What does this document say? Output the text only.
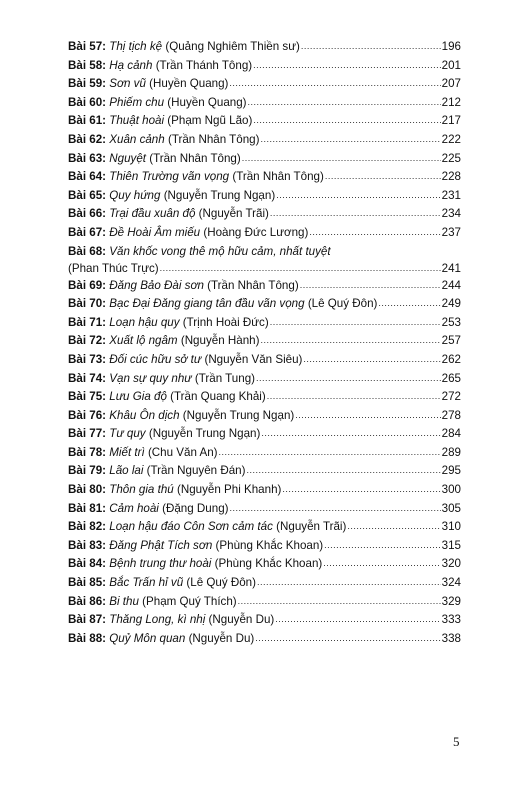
Bài 57: Thị tịch kệ (Quảng Nghiêm Thiền sư) .....	196
Bài 58: Hạ cảnh (Trần Thánh Tông) .....	201
Bài 59: Sơn vũ (Huyền Quang) .....	207
Bài 60: Phiếm chu (Huyền Quang) .....	212
Bài 61: Thuật hoài (Phạm Ngũ Lão) .....	217
Bài 62: Xuân cảnh (Trần Nhân Tông) .....	222
Bài 63: Nguyệt (Trần Nhân Tông) .....	225
Bài 64: Thiên Trường vãn vọng (Trần Nhân Tông) .....	228
Bài 65: Quy hứng (Nguyễn Trung Ngạn) .....	231
Bài 66: Trại đầu xuân độ (Nguyễn Trãi) .....	234
Bài 67: Đề Hoài Âm miếu (Hoàng Đức Lương) .....	237
Bài 68: Văn khốc vong thê mộ hữu cảm, nhất tuyệt
(Phan Thúc Trực) .....	241
Bài 69: Đăng Bảo Đài sơn (Trần Nhân Tông) .....	244
Bài 70: Bạc Đại Đăng giang tân đầu vãn vọng (Lê Quý Đôn) .....	249
Bài 71: Loạn hậu quy (Trịnh Hoài Đức) .....	253
Bài 72: Xuất lộ ngâm (Nguyễn Hành) .....	257
Bài 73: Đối cúc hữu sở tư (Nguyễn Văn Siêu) .....	262
Bài 74: Vạn sự quy như (Trần Tung) .....	265
Bài 75: Lưu Gia độ (Trần Quang Khải) .....	272
Bài 76: Khâu Ôn dịch (Nguyễn Trung Ngạn) .....	278
Bài 77: Tư quy (Nguyễn Trung Ngạn) .....	284
Bài 78: Miết trì (Chu Văn An) .....	289
Bài 79: Lão lai (Trần Nguyên Đán) .....	295
Bài 80: Thôn gia thú (Nguyễn Phi Khanh) .....	300
Bài 81: Cảm hoài (Đặng Dung) .....	305
Bài 82: Loạn hậu đáo Côn Sơn cảm tác (Nguyễn Trãi) .....	310
Bài 83: Đăng Phật Tích sơn (Phùng Khắc Khoan) .....	315
Bài 84: Bệnh trung thư hoài (Phùng Khắc Khoan) .....	320
Bài 85: Bắc Trấn hỉ vũ (Lê Quý Đôn) .....	324
Bài 86: Bi thu (Phạm Quý Thích) .....	329
Bài 87: Thăng Long, kì nhị (Nguyễn Du) .....	333
Bài 88: Quỷ Môn quan (Nguyễn Du) .....	338
5
